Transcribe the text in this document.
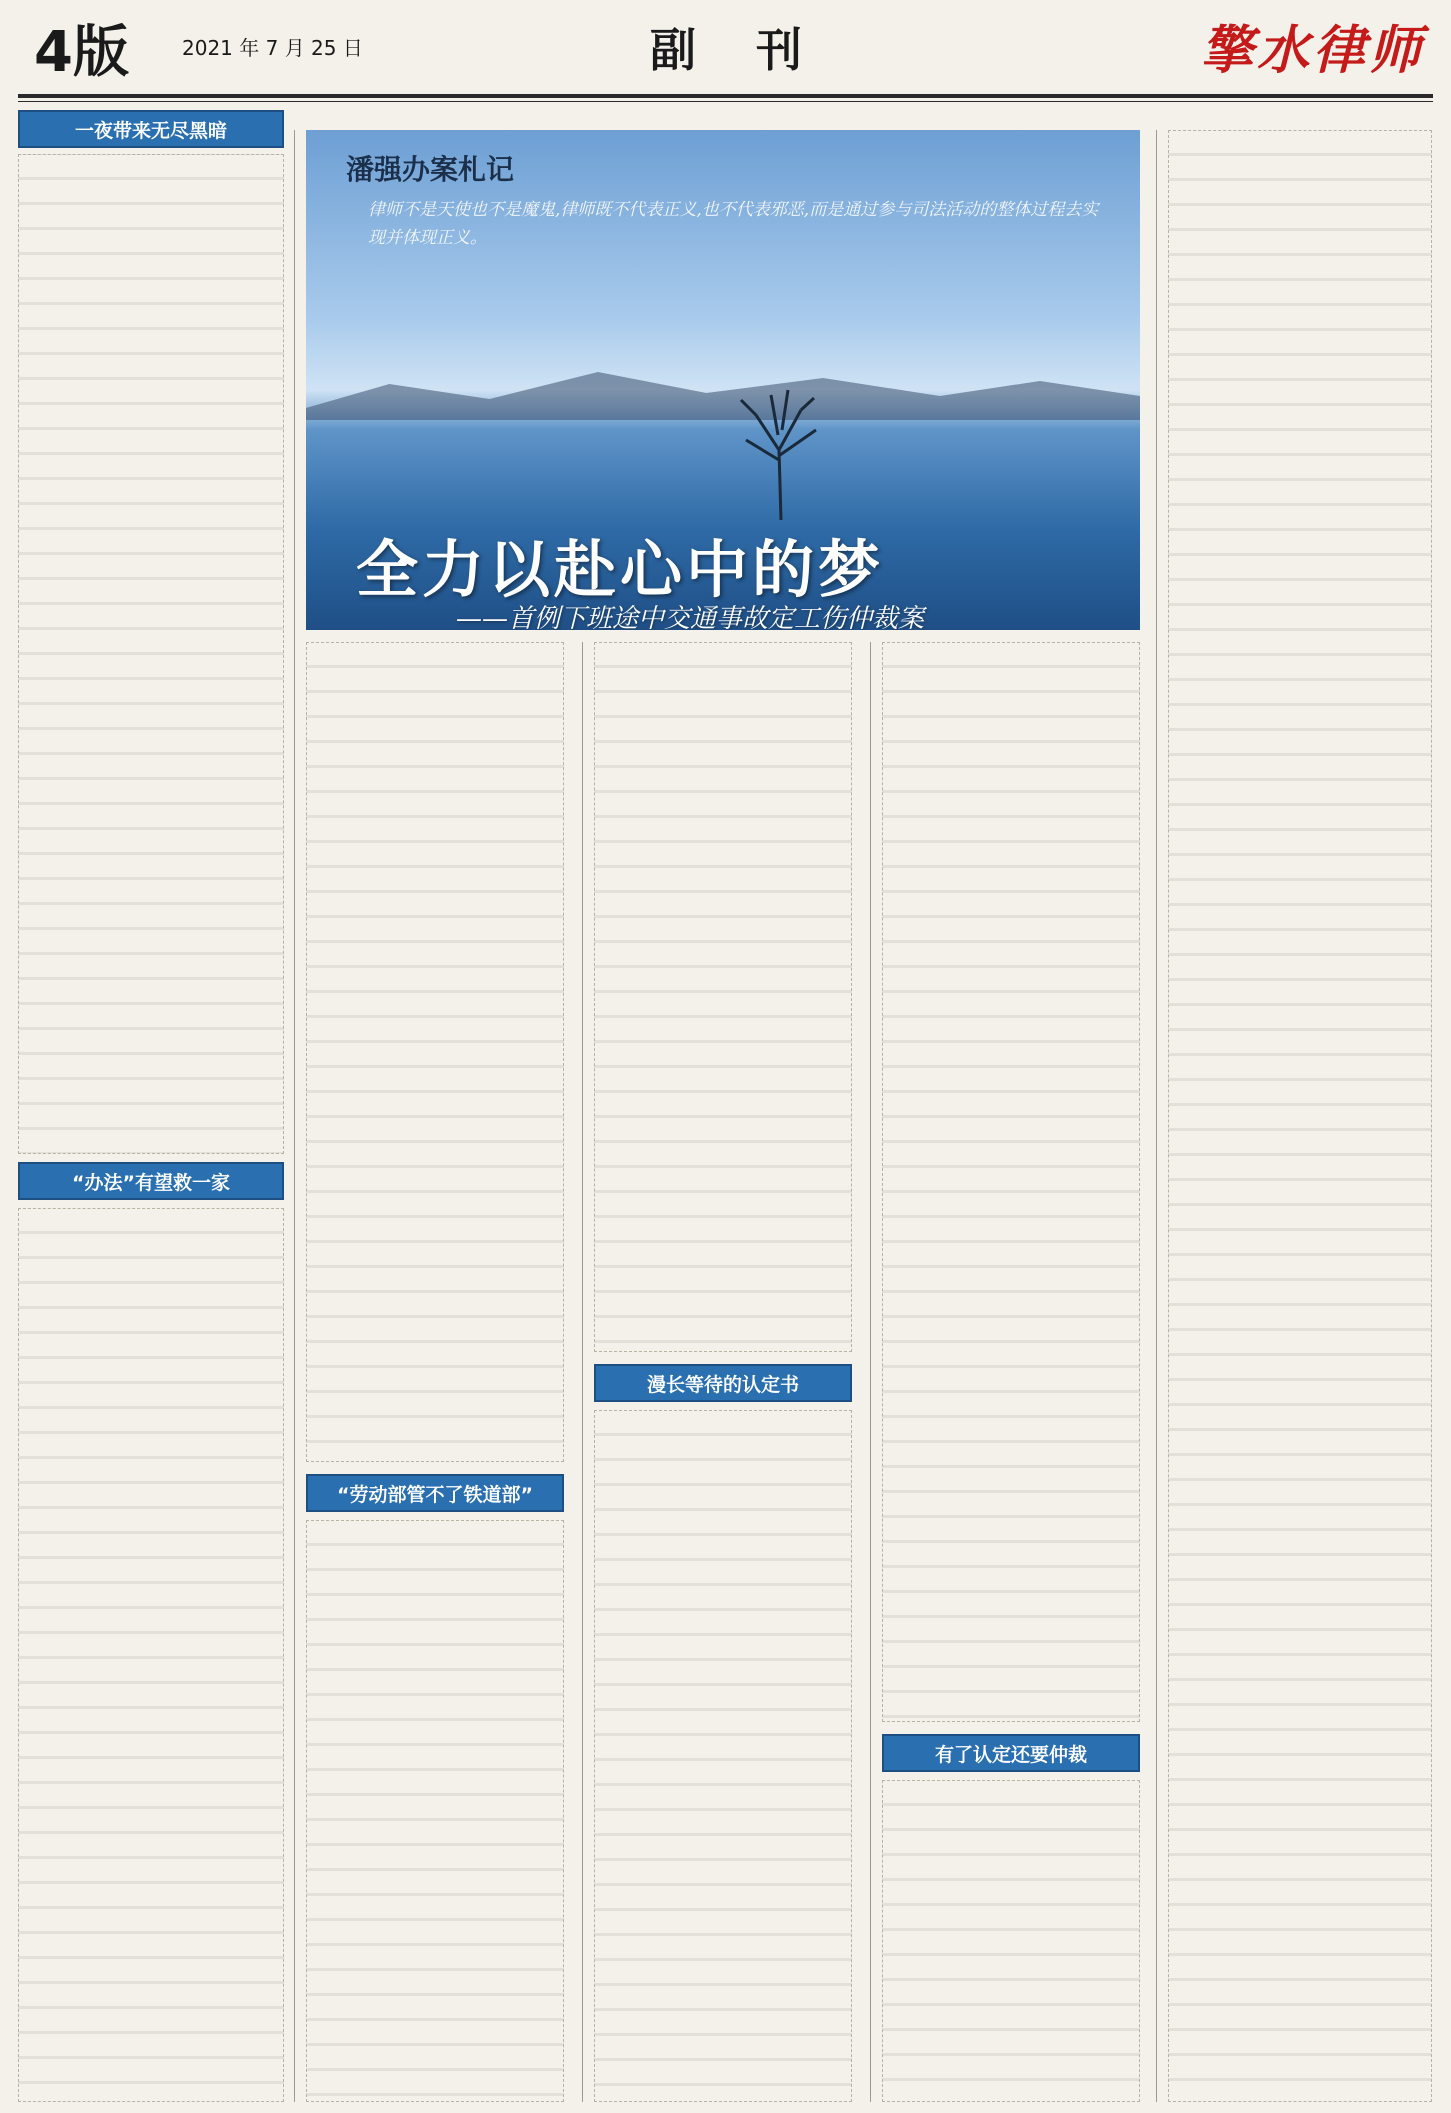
4版	2021 年 7 月 25 日	副 刊	擎水律师
潘强办案札记
律师不是天使也不是魔鬼,律师既不代表正义,也不代表邪恶,而是通过参与司法活动的整体过程去实现并体现正义。
全力以赴心中的梦
——首例下班途中交通事故定工伤仲裁案
一夜带来无尽黑暗
“办法”有望救一家
“劳动部管不了铁道部”
漫长等待的认定书
有了认定还要仲裁
